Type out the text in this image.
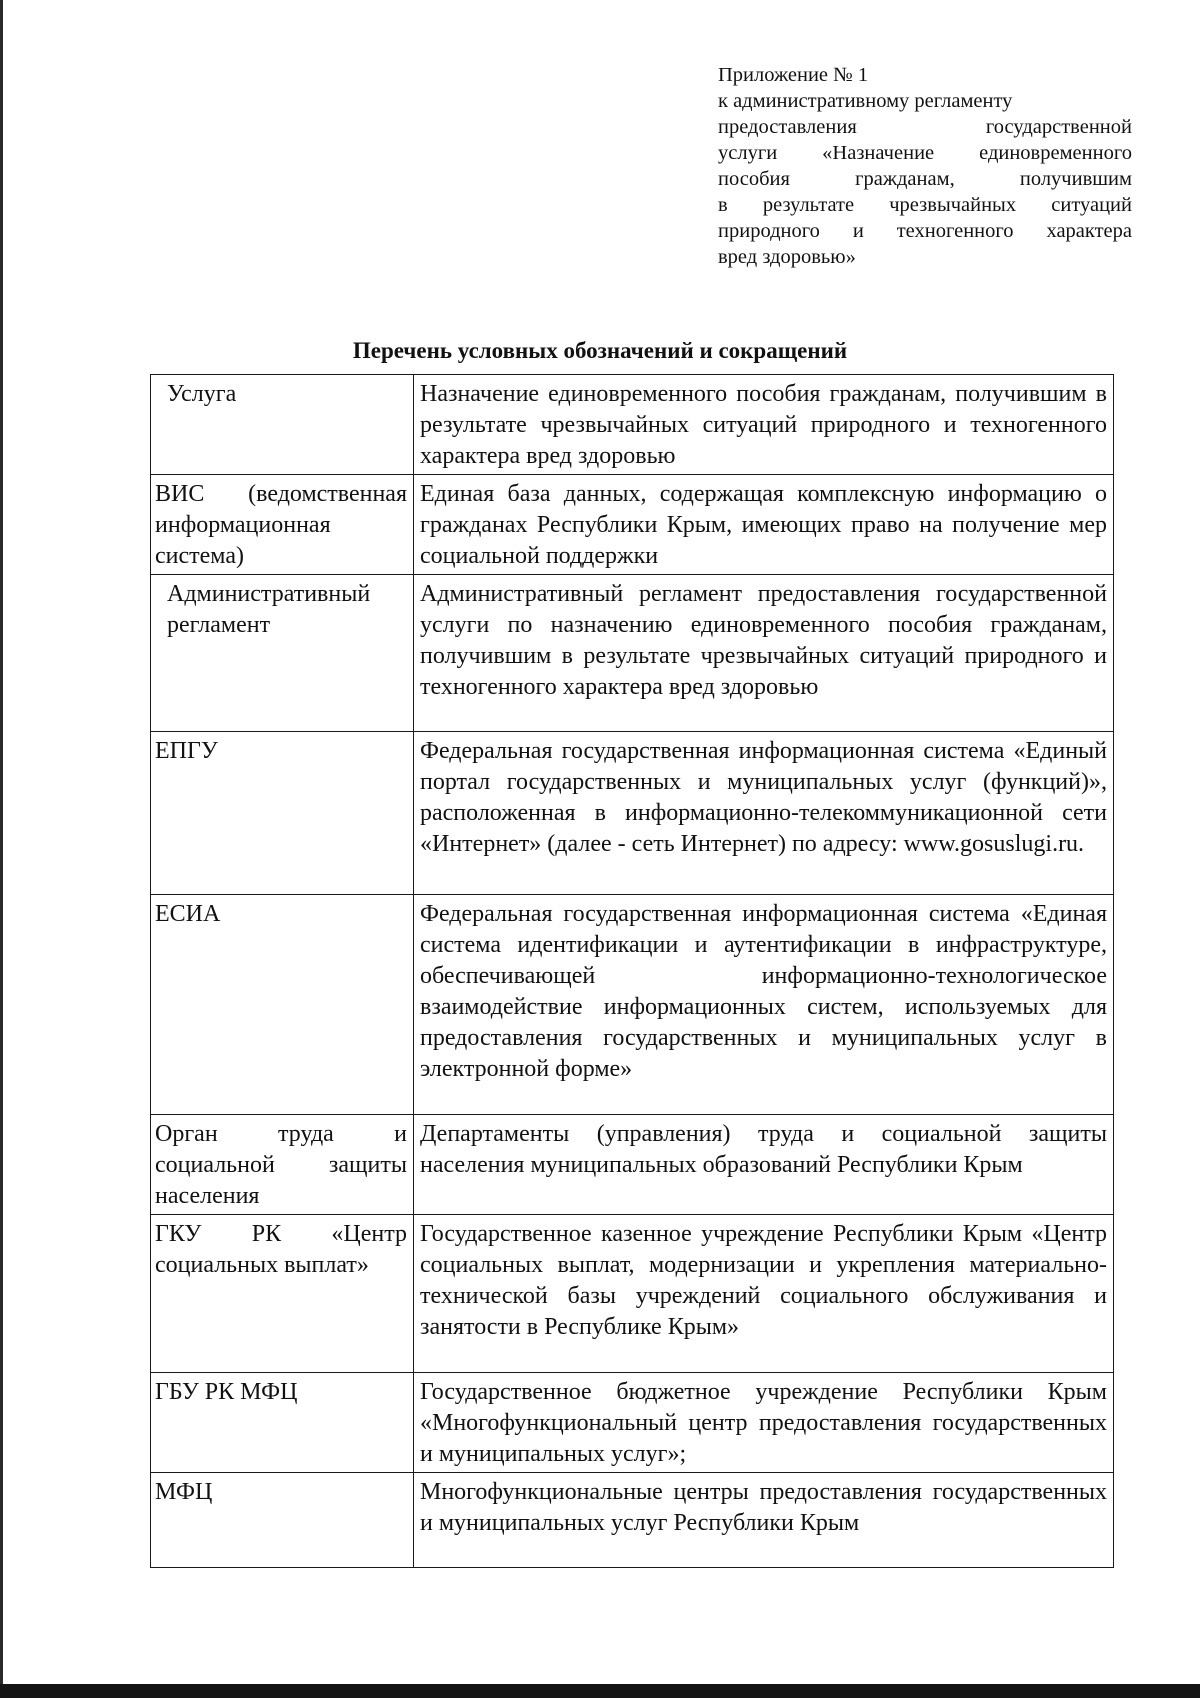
Приложение № 1

к административному регламенту

предоставления государственной

услуги «Назначение единовременного

пособия гражданам, получившим

в результате чрезвычайных ситуаций

природного и техногенного характера

вред здоровью»

Перечень условных обозначений и сокращений
Услуга	Назначение единовременного пособия гражданам, получившим в результате чрезвычайных ситуаций природного и техногенного характера вред здоровью
ВИС (ведомственная информационная система)	Единая база данных, содержащая комплексную информацию о гражданах Республики Крым, имеющих право на получение мер социальной поддержки
Административный регламент	Административный регламент предоставления государственной услуги по назначению единовременного пособия гражданам, получившим в результате чрезвычайных ситуаций природного и техногенного характера вред здоровью
ЕПГУ	Федеральная государственная информационная система «Единый портал государственных и муниципальных услуг (функций)», расположенная в информационно-телекоммуникационной сети «Интернет» (далее - сеть Интернет) по адресу: www.gosuslugi.ru.
ЕСИА	Федеральная государственная информационная система «Единая система идентификации и аутентификации в инфраструктуре, обеспечивающей информационно-технологическое взаимодействие информационных систем, используемых для предоставления государственных и муниципальных услуг в электронной форме»
Орган труда и социальной защиты населения	Департаменты (управления) труда и социальной защиты населения муниципальных образований Республики Крым
ГКУ РК «Центр социальных выплат»	Государственное казенное учреждение Республики Крым «Центр социальных выплат, модернизации и укрепления материально-технической базы учреждений социального обслуживания и занятости в Республике Крым»
ГБУ РК МФЦ	Государственное бюджетное учреждение Республики Крым «Многофункциональный центр предоставления государственных и муниципальных услуг»;
МФЦ	Многофункциональные центры предоставления государственных и муниципальных услуг Республики Крым
